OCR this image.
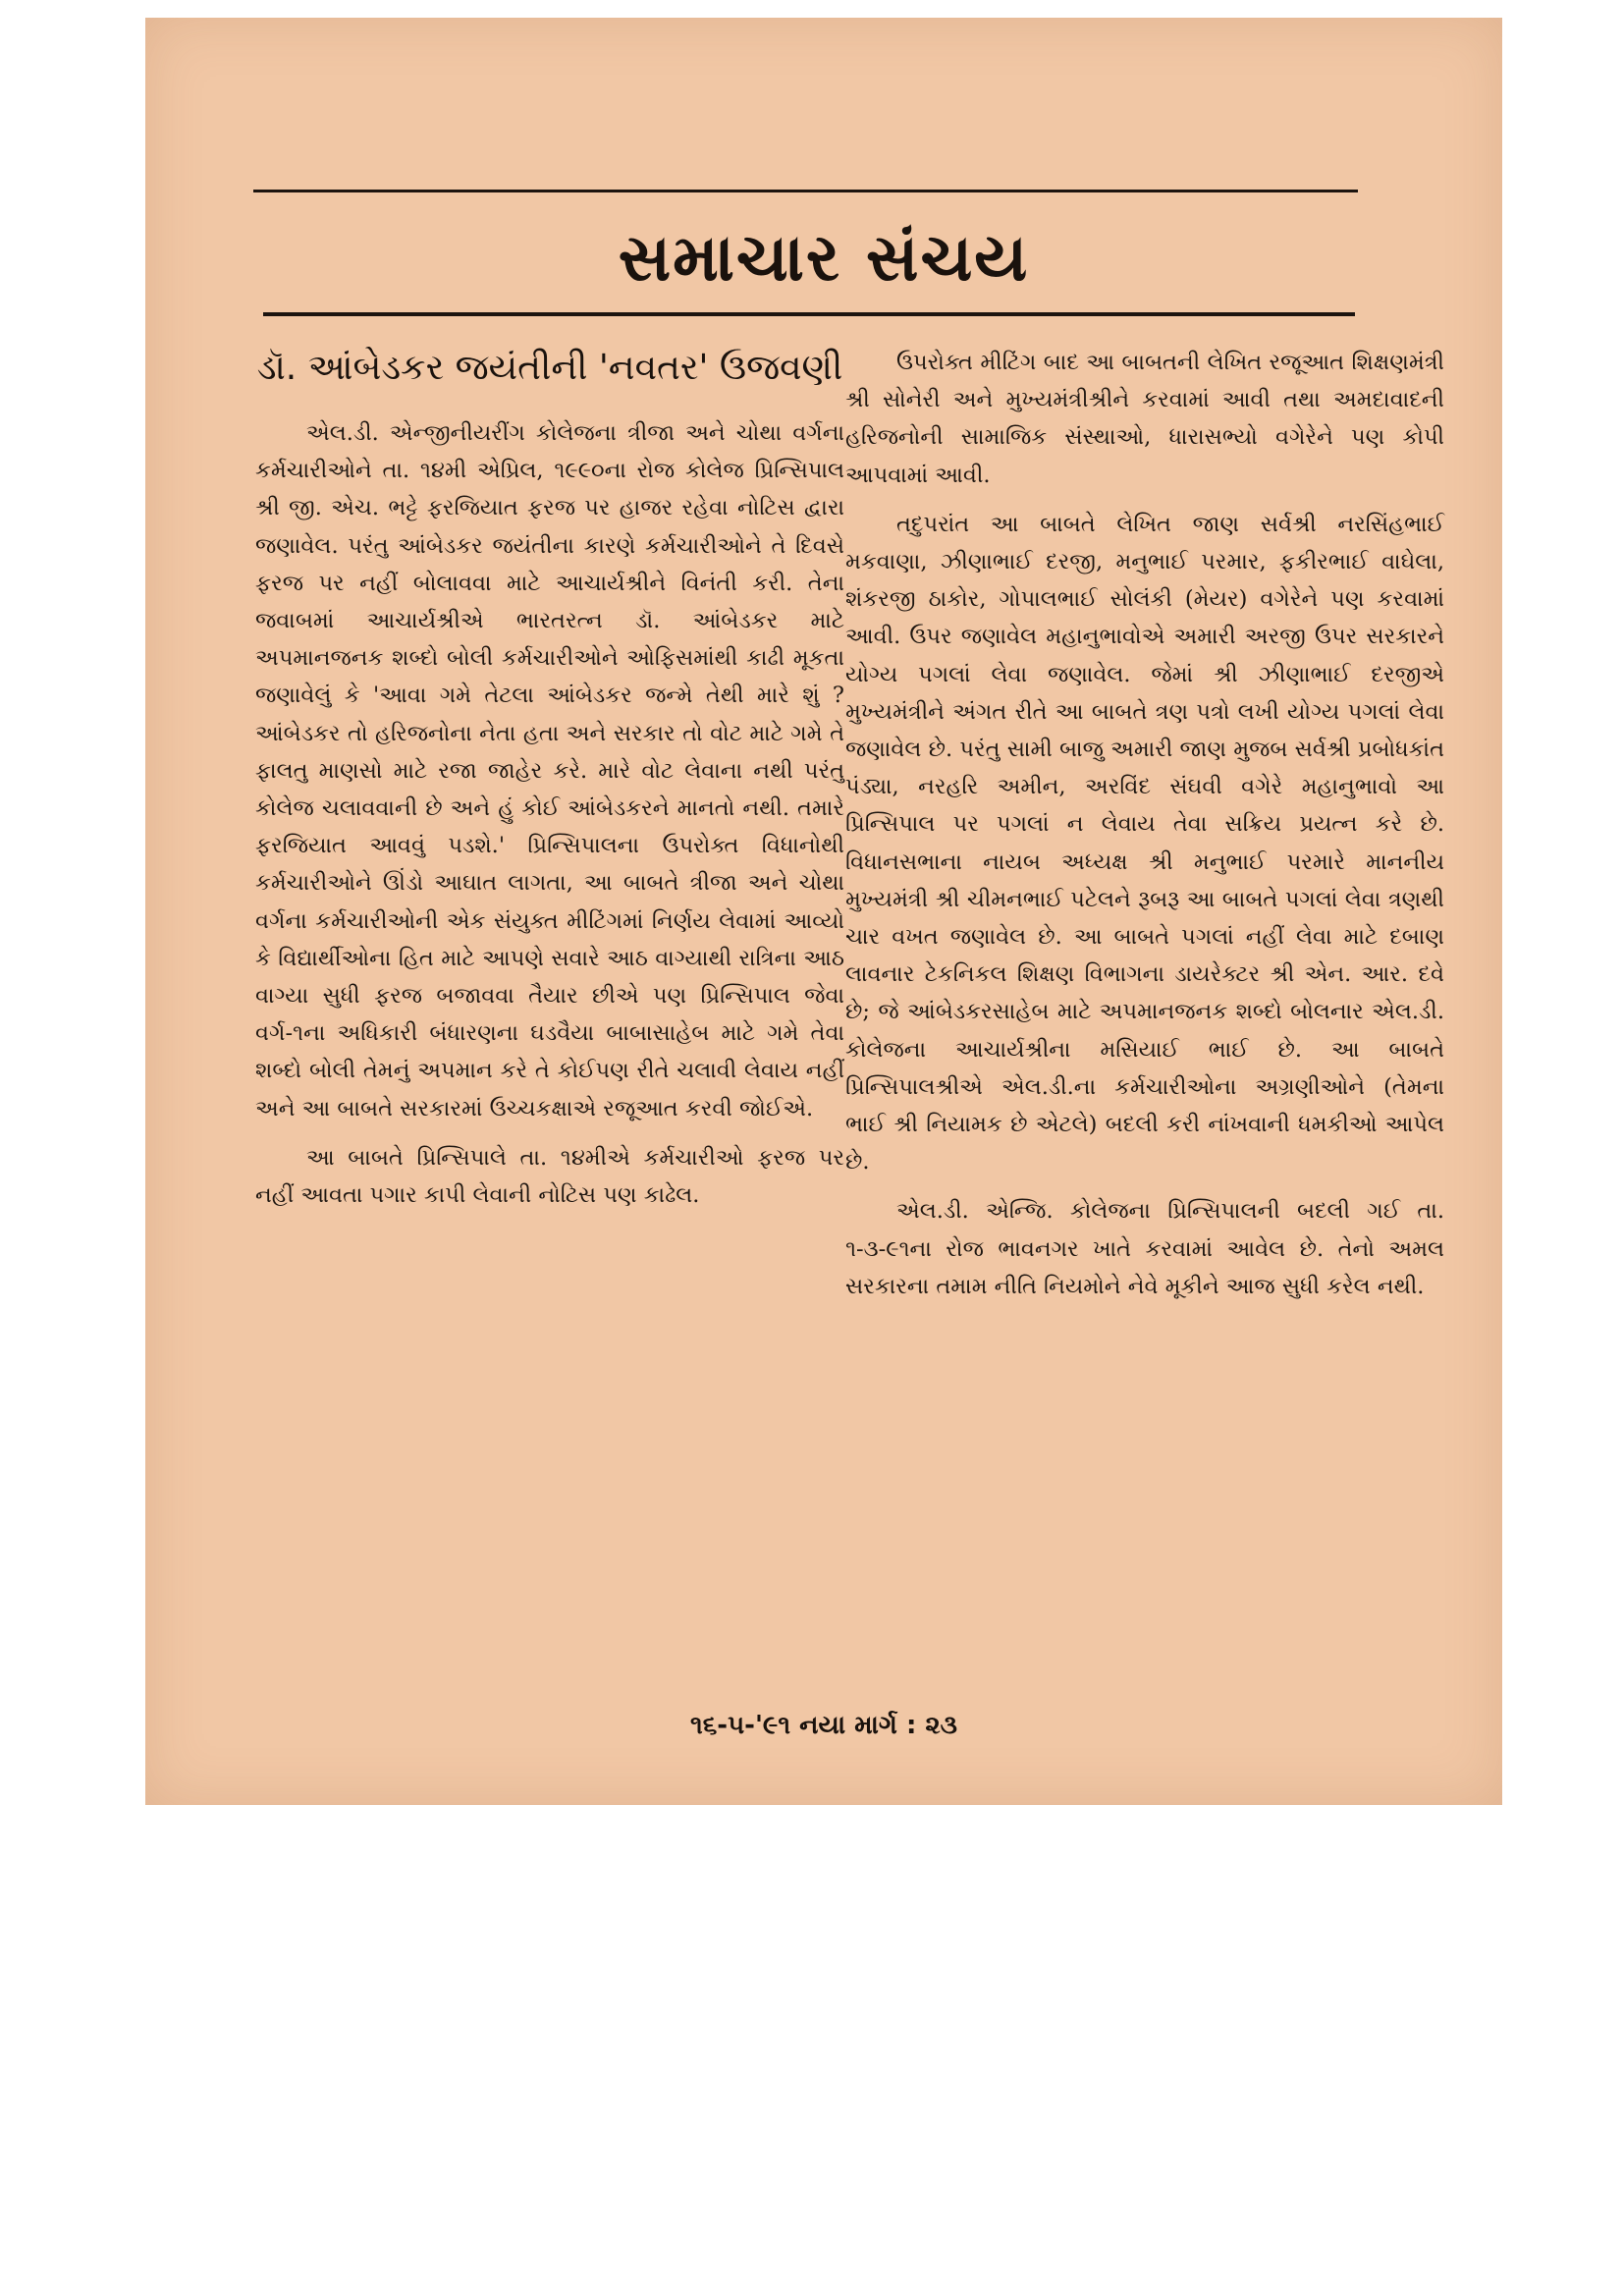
સમાચાર સંચય
ડૉ. આંબેડકર જયંતીની 'નવતર' ઉજવણી

એલ.ડી. એન્જીનીયરીંગ કોલેજના ત્રીજા અને ચોથા વર્ગના કર્મચારીઓને તા. ૧૪મી એપ્રિલ, ૧૯૯૦ના રોજ કોલેજ પ્રિન્સિપાલ શ્રી જી. એચ. ભટ્ટે ફરજિયાત ફરજ પર હાજર રહેવા નોટિસ દ્વારા જણાવેલ. પરંતુ આંબેડકર જયંતીના કારણે કર્મચારીઓને તે દિવસે ફરજ પર નહીં બોલાવવા માટે આચાર્યશ્રીને વિનંતી કરી. તેના જવાબમાં આચાર્યશ્રીએ ભારતરત્ન ડૉ. આંબેડકર માટે અપમાનજનક શબ્દો બોલી કર્મચારીઓને ઓફિસમાંથી કાઢી મૂકતા જણાવેલું કે 'આવા ગમે તેટલા આંબેડકર જન્મે તેથી મારે શું ? આંબેડકર તો હરિજનોના નેતા હતા અને સરકાર તો વોટ માટે ગમે તે ફાલતુ માણસો માટે રજા જાહેર કરે. મારે વોટ લેવાના નથી પરંતુ કોલેજ ચલાવવાની છે અને હું કોઈ આંબેડકરને માનતો નથી. તમારે ફરજિયાત આવવું પડશે.' પ્રિન્સિપાલના ઉપરોક્ત વિધાનોથી કર્મચારીઓને ઊંડો આઘાત લાગતા, આ બાબતે ત્રીજા અને ચોથા વર્ગના કર્મચારીઓની એક સંયુક્ત મીટિંગમાં નિર્ણય લેવામાં આવ્યો કે વિદ્યાર્થીઓના હિત માટે આપણે સવારે આઠ વાગ્યાથી રાત્રિના આઠ વાગ્યા સુધી ફરજ બજાવવા તૈયાર છીએ પણ પ્રિન્સિપાલ જેવા વર્ગ-૧ના અધિકારી બંધારણના ઘડવૈયા બાબાસાહેબ માટે ગમે તેવા શબ્દો બોલી તેમનું અપમાન કરે તે કોઈપણ રીતે ચલાવી લેવાય નહીં અને આ બાબતે સરકારમાં ઉચ્ચકક્ષાએ રજૂઆત કરવી જોઈએ.

આ બાબતે પ્રિન્સિપાલે તા. ૧૪મીએ કર્મચારીઓ ફરજ પર નહીં આવતા પગાર કાપી લેવાની નોટિસ પણ કાઢેલ.

ઉપરોક્ત મીટિંગ બાદ આ બાબતની લેખિત રજૂઆત શિક્ષણમંત્રી શ્રી સોનેરી અને મુખ્યમંત્રીશ્રીને કરવામાં આવી તથા અમદાવાદની હરિજનોની સામાજિક સંસ્થાઓ, ધારાસભ્યો વગેરેને પણ કોપી આપવામાં આવી.

તદુપરાંત આ બાબતે લેખિત જાણ સર્વશ્રી નરસિંહભાઈ મકવાણા, ઝીણાભાઈ દરજી, મનુભાઈ પરમાર, ફકીરભાઈ વાઘેલા, શંકરજી ઠાકોર, ગોપાલભાઈ સોલંકી (મેયર) વગેરેને પણ કરવામાં આવી. ઉપર જણાવેલ મહાનુભાવોએ અમારી અરજી ઉપર સરકારને યોગ્ય પગલાં લેવા જણાવેલ. જેમાં શ્રી ઝીણાભાઈ દરજીએ મુખ્યમંત્રીને અંગત રીતે આ બાબતે ત્રણ પત્રો લખી યોગ્ય પગલાં લેવા જણાવેલ છે. પરંતુ સામી બાજુ અમારી જાણ મુજબ સર્વશ્રી પ્રબોધકાંત પંડ્યા, નરહરિ અમીન, અરવિંદ સંઘવી વગેરે મહાનુભાવો આ પ્રિન્સિપાલ પર પગલાં ન લેવાય તેવા સક્રિય પ્રયત્ન કરે છે. વિધાનસભાના નાયબ અધ્યક્ષ શ્રી મનુભાઈ પરમારે માનનીય મુખ્યમંત્રી શ્રી ચીમનભાઈ પટેલને રૂબરૂ આ બાબતે પગલાં લેવા ત્રણથી ચાર વખત જણાવેલ છે. આ બાબતે પગલાં નહીં લેવા માટે દબાણ લાવનાર ટેકનિકલ શિક્ષણ વિભાગના ડાયરેક્ટર શ્રી એન. આર. દવે છે; જે આંબેડકરસાહેબ માટે અપમાનજનક શબ્દો બોલનાર એલ.ડી. કોલેજના આચાર્યશ્રીના મસિયાઈ ભાઈ છે. આ બાબતે પ્રિન્સિપાલશ્રીએ એલ.ડી.ના કર્મચારીઓના અગ્રણીઓને (તેમના ભાઈ શ્રી નિયામક છે એટલે) બદલી કરી નાંખવાની ધમકીઓ આપેલ છે.

એલ.ડી. એન્જિ. કોલેજના પ્રિન્સિપાલની બદલી ગઈ તા. ૧-૩-૯૧ના રોજ ભાવનગર ખાતે કરવામાં આવેલ છે. તેનો અમલ સરકારના તમામ નીતિ નિયમોને નેવે મૂકીને આજ સુધી કરેલ નથી.

૧૬-૫-'૯૧ નયા માર્ગ : ૨૩
